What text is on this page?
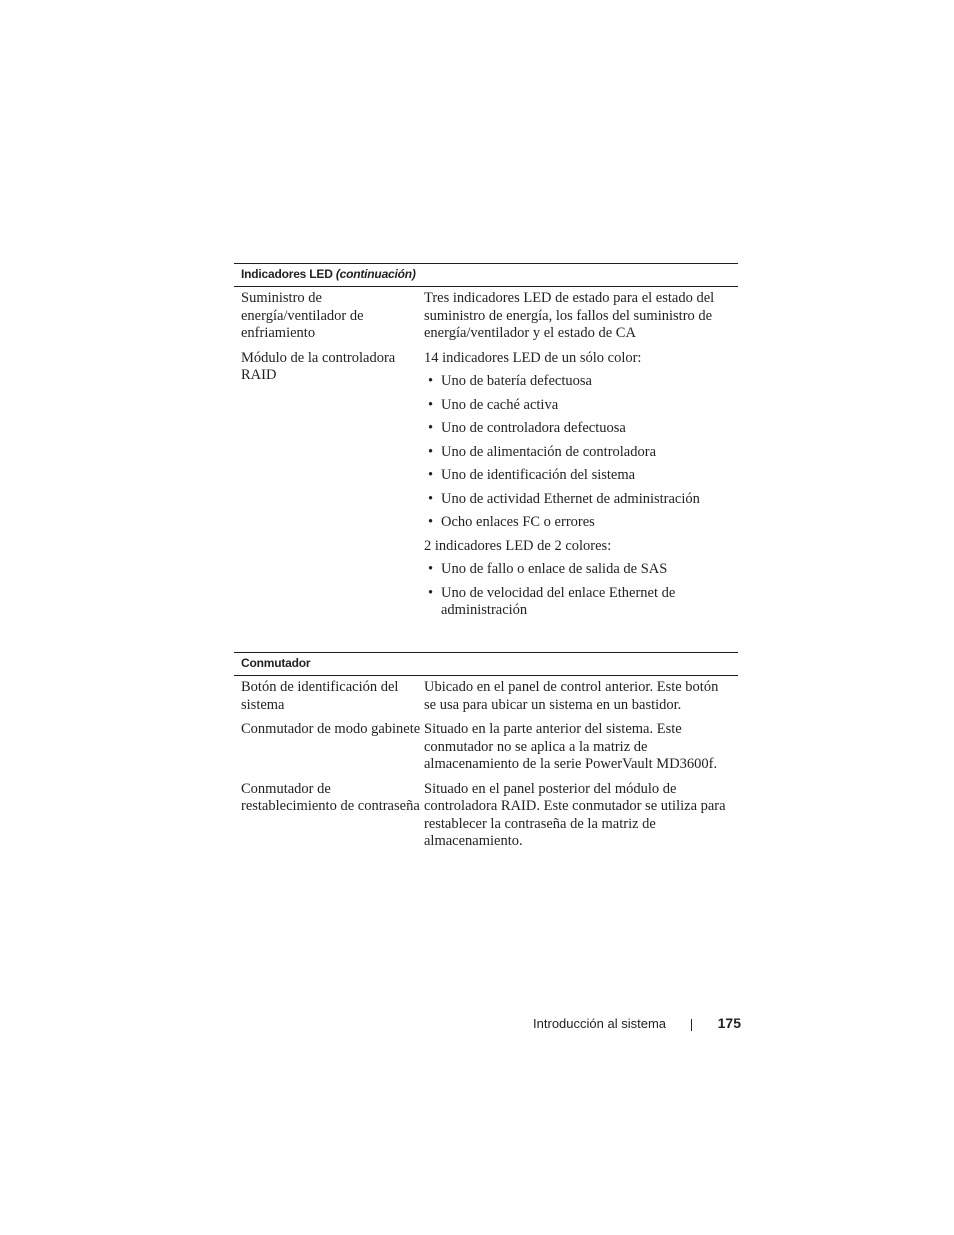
Indicadores LED (continuación)
Suministro de
energía/ventilador de
enfriamiento
Tres indicadores LED de estado para el estado del
suministro de energía, los fallos del suministro de
energía/ventilador y el estado de CA
Módulo de la controladora
RAID
14 indicadores LED de un sólo color:
• Uno de batería defectuosa
• Uno de caché activa
• Uno de controladora defectuosa
• Uno de alimentación de controladora
• Uno de identificación del sistema
• Uno de actividad Ethernet de administración
• Ocho enlaces FC o errores
2 indicadores LED de 2 colores:
• Uno de fallo o enlace de salida de SAS
• Uno de velocidad del enlace Ethernet de
administración
Conmutador
Botón de identificación del
sistema
Ubicado en el panel de control anterior. Este botón
se usa para ubicar un sistema en un bastidor.
Conmutador de modo gabinete Situado en la parte anterior del sistema. Este
conmutador no se aplica a la matriz de
almacenamiento de la serie PowerVault MD3600f.
Conmutador de
restablecimiento de contraseña
Situado en el panel posterior del módulo de
controladora RAID. Este conmutador se utiliza para
restablecer la contraseña de la matriz de
almacenamiento.
Introducción al sistema	175
